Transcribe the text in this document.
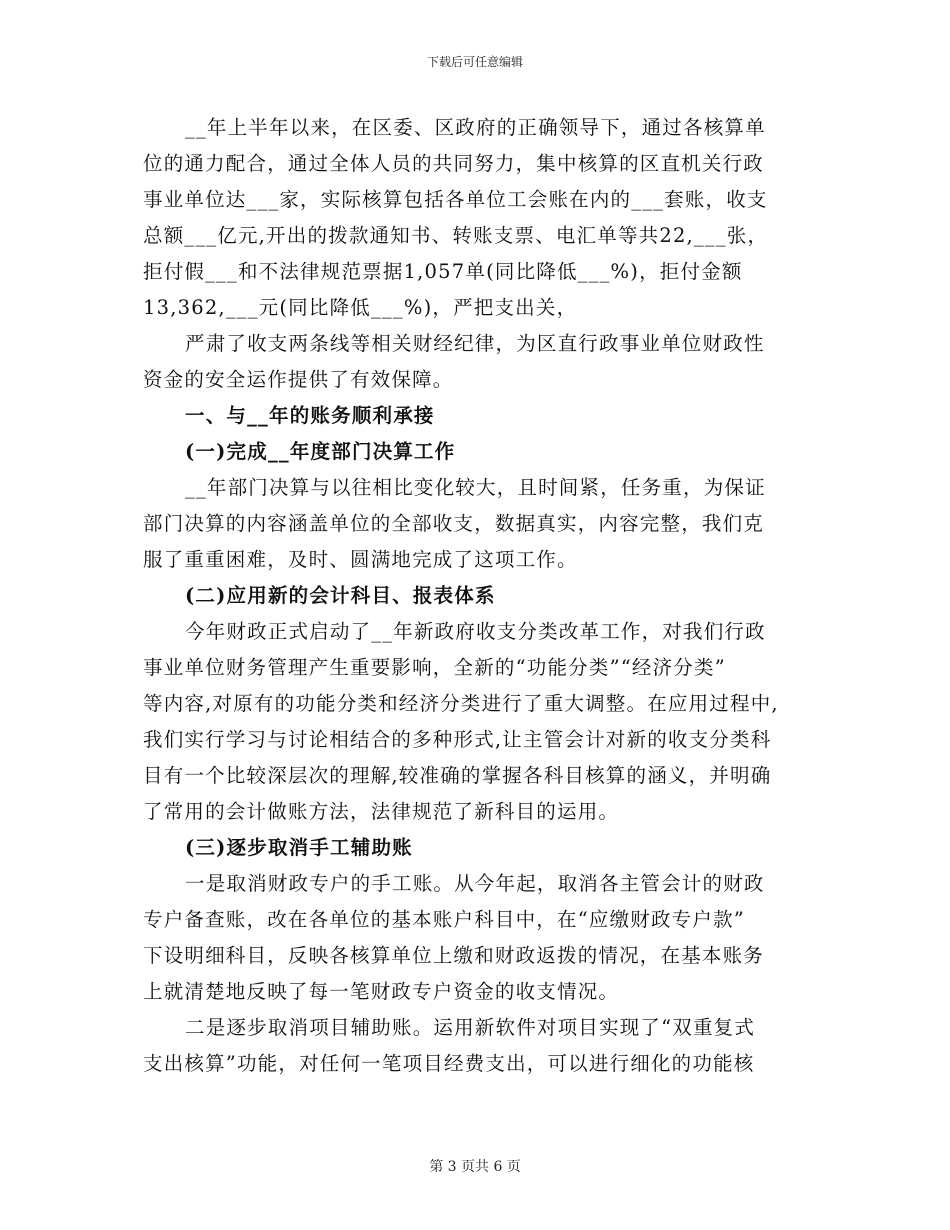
下载后可任意编辑
__年上半年以来，在区委、区政府的正确领导下，通过各核算单
位的通力配合，通过全体人员的共同努力，集中核算的区直机关行政
事业单位达___家，实际核算包括各单位工会账在内的___套账，收支
总额___亿元,开出的拨款通知书、转账支票、电汇单等共22,___张，
拒付假___和不法律规范票据1,057单(同比降低___%)，拒付金额
13,362,___元(同比降低___%)，严把支出关，
严肃了收支两条线等相关财经纪律，为区直行政事业单位财政性
资金的安全运作提供了有效保障。
一、与__年的账务顺利承接
(一)完成__年度部门决算工作
__年部门决算与以往相比变化较大，且时间紧，任务重，为保证
部门决算的内容涵盖单位的全部收支，数据真实，内容完整，我们克
服了重重困难，及时、圆满地完成了这项工作。
(二)应用新的会计科目、报表体系
今年财政正式启动了__年新政府收支分类改革工作，对我们行政
事业单位财务管理产生重要影响，全新的“功能分类”“经济分类”
等内容,对原有的功能分类和经济分类进行了重大调整。在应用过程中,
我们实行学习与讨论相结合的多种形式,让主管会计对新的收支分类科
目有一个比较深层次的理解,较准确的掌握各科目核算的涵义，并明确
了常用的会计做账方法，法律规范了新科目的运用。
(三)逐步取消手工辅助账
一是取消财政专户的手工账。从今年起，取消各主管会计的财政
专户备查账，改在各单位的基本账户科目中，在“应缴财政专户款”
下设明细科目，反映各核算单位上缴和财政返拨的情况，在基本账务
上就清楚地反映了每一笔财政专户资金的收支情况。
二是逐步取消项目辅助账。运用新软件对项目实现了“双重复式
支出核算”功能，对任何一笔项目经费支出，可以进行细化的功能核
第 3 页共 6 页
